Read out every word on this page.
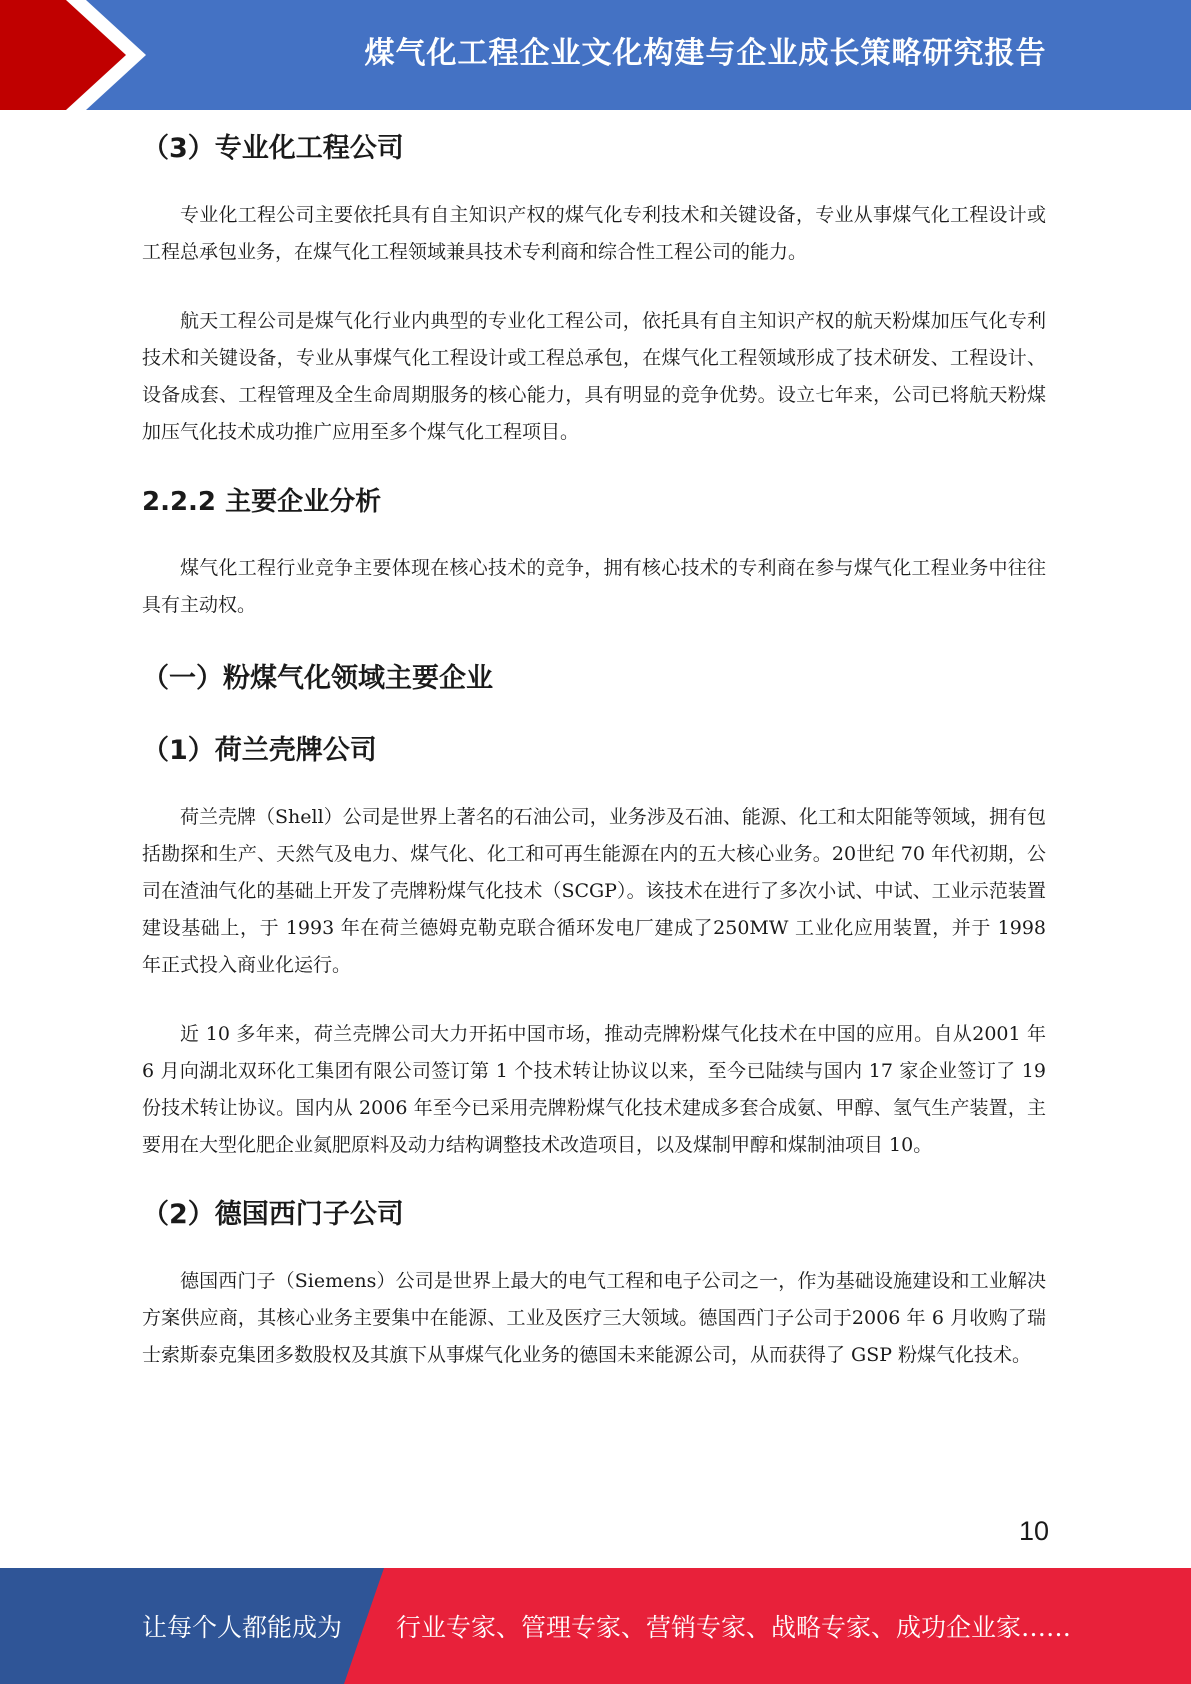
煤气化工程企业文化构建与企业成长策略研究报告
（3）专业化工程公司

专业化工程公司主要依托具有自主知识产权的煤气化专利技术和关键设备，专业从事煤气化工程设计或工程总承包业务，在煤气化工程领域兼具技术专利商和综合性工程公司的能力。

航天工程公司是煤气化行业内典型的专业化工程公司，依托具有自主知识产权的航天粉煤加压气化专利技术和关键设备，专业从事煤气化工程设计或工程总承包，在煤气化工程领域形成了技术研发、工程设计、设备成套、工程管理及全生命周期服务的核心能力，具有明显的竞争优势。设立七年来，公司已将航天粉煤加压气化技术成功推广应用至多个煤气化工程项目。

2.2.2 主要企业分析

煤气化工程行业竞争主要体现在核心技术的竞争，拥有核心技术的专利商在参与煤气化工程业务中往往具有主动权。

（一）粉煤气化领域主要企业
（1）荷兰壳牌公司

荷兰壳牌（Shell）公司是世界上著名的石油公司，业务涉及石油、能源、化工和太阳能等领域，拥有包括勘探和生产、天然气及电力、煤气化、化工和可再生能源在内的五大核心业务。20世纪 70 年代初期，公司在渣油气化的基础上开发了壳牌粉煤气化技术（SCGP）。该技术在进行了多次小试、中试、工业示范装置建设基础上，于 1993 年在荷兰德姆克勒克联合循环发电厂建成了250MW 工业化应用装置，并于 1998 年正式投入商业化运行。

近 10 多年来，荷兰壳牌公司大力开拓中国市场，推动壳牌粉煤气化技术在中国的应用。自从2001 年 6 月向湖北双环化工集团有限公司签订第 1 个技术转让协议以来，至今已陆续与国内 17 家企业签订了 19 份技术转让协议。国内从 2006 年至今已采用壳牌粉煤气化技术建成多套合成氨、甲醇、氢气生产装置，主要用在大型化肥企业氮肥原料及动力结构调整技术改造项目，以及煤制甲醇和煤制油项目 10。

（2）德国西门子公司

德国西门子（Siemens）公司是世界上最大的电气工程和电子公司之一，作为基础设施建设和工业解决方案供应商，其核心业务主要集中在能源、工业及医疗三大领域。德国西门子公司于2006 年 6 月收购了瑞士索斯泰克集团多数股权及其旗下从事煤气化业务的德国未来能源公司，从而获得了 GSP 粉煤气化技术。

10
让每个人都能成为 行业专家、管理专家、营销专家、战略专家、成功企业家……
